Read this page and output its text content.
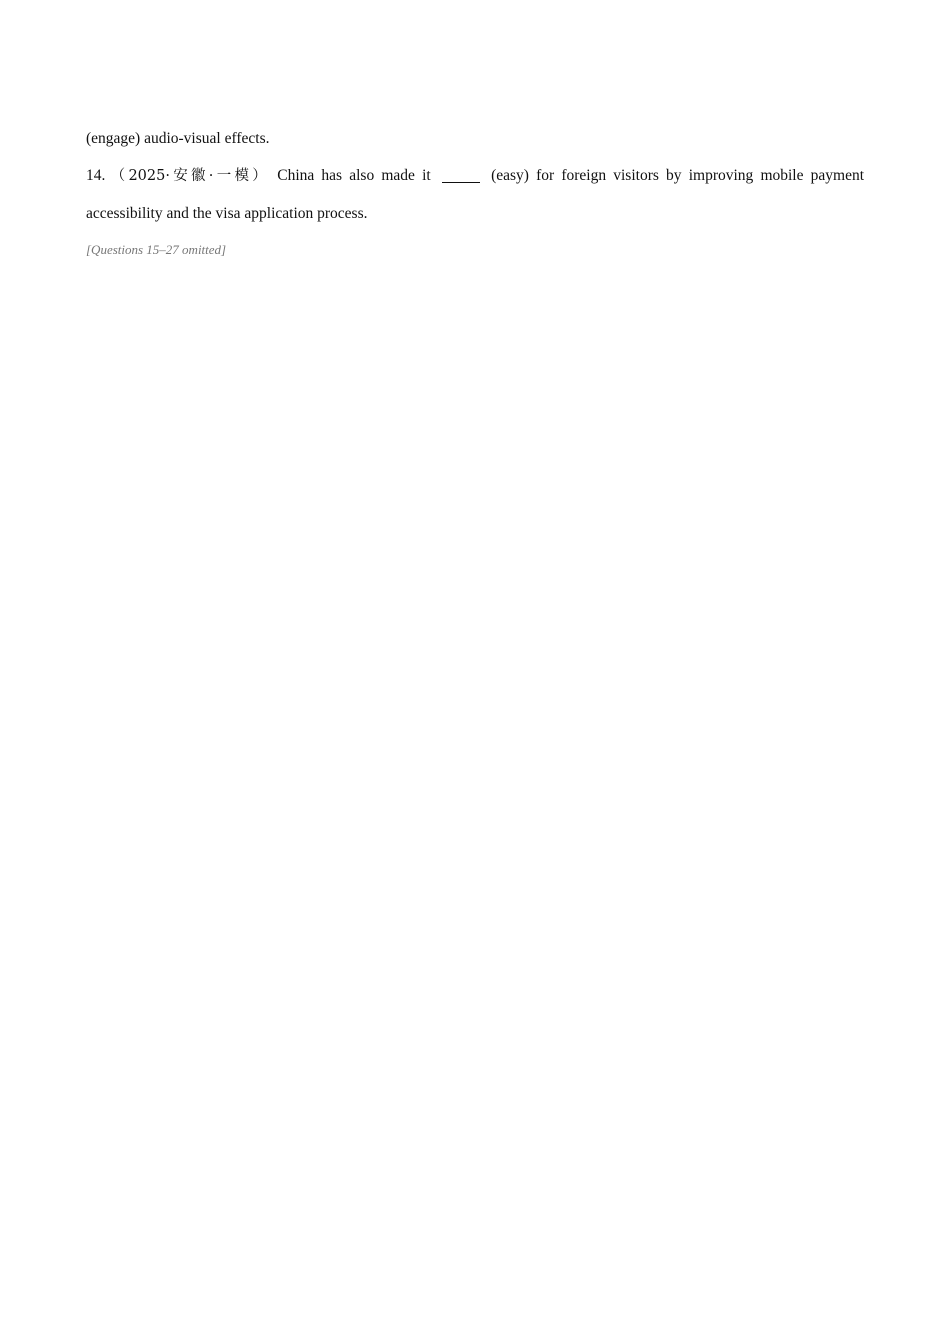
(engage) audio-visual effects.

14. （2025·安徽·一模） China has also made it	(easy) for foreign visitors by improving mobile payment accessibility and the visa application process.

[Questions 15–27 omitted]
